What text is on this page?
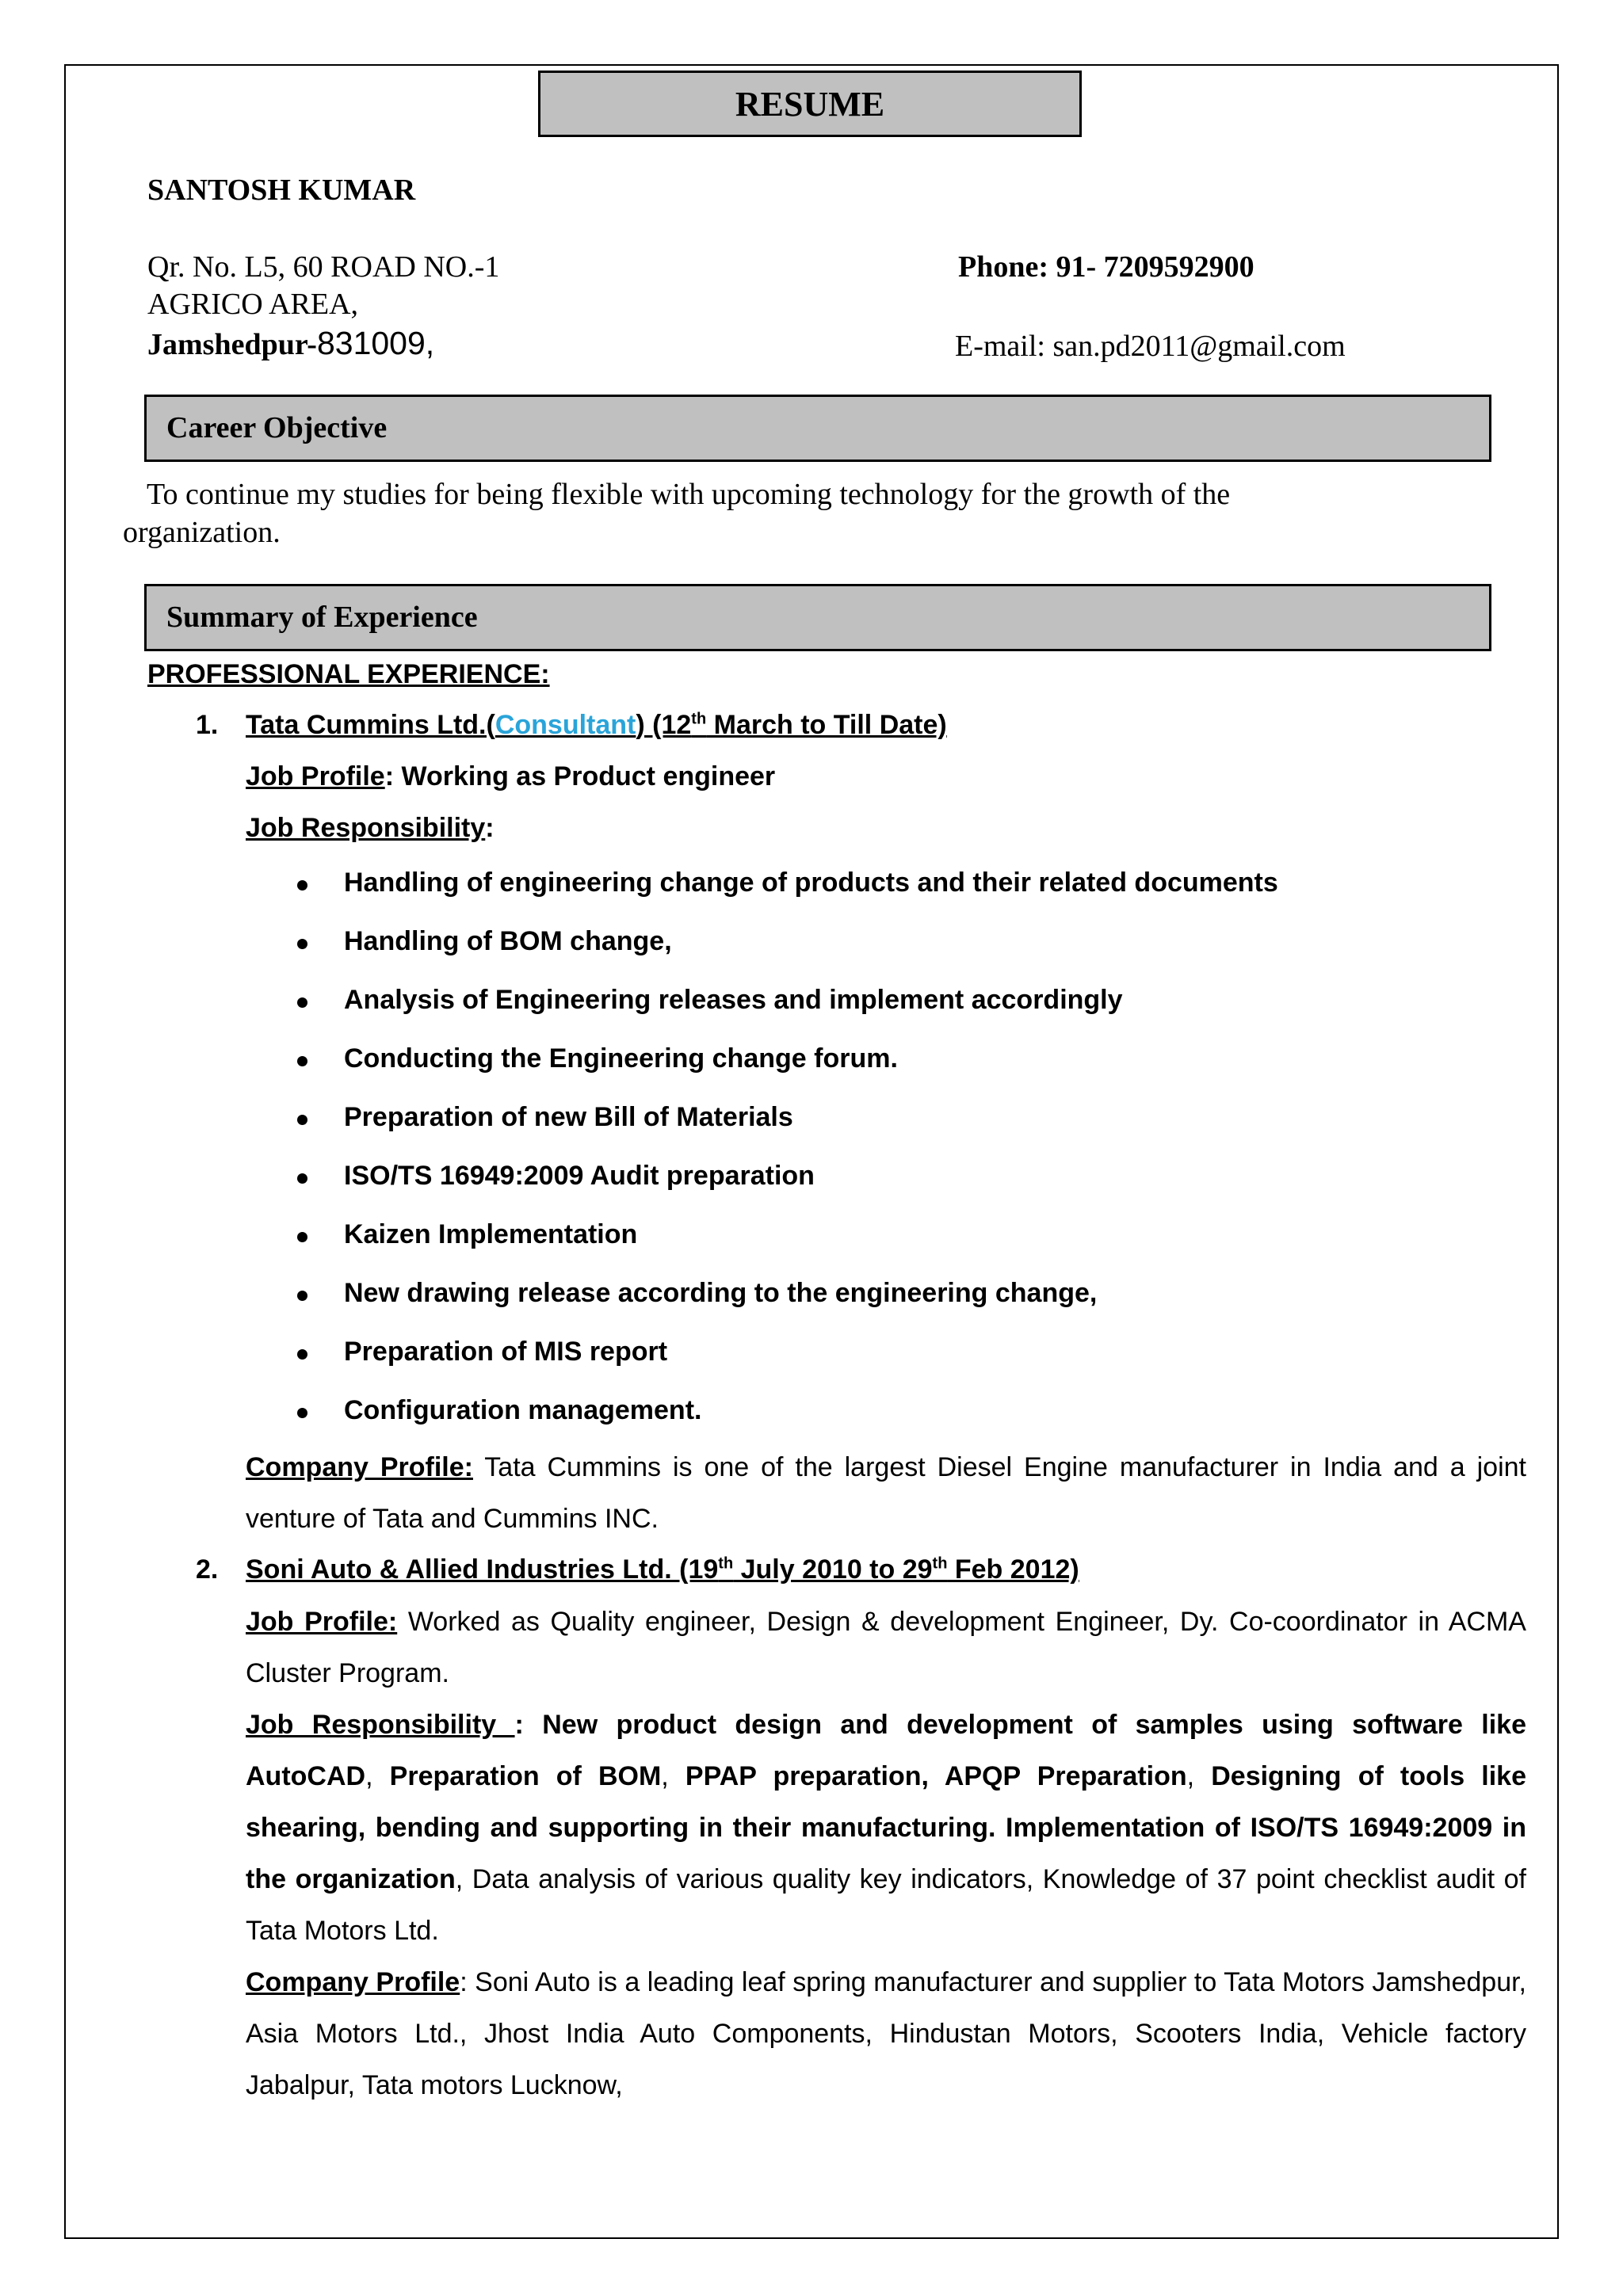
RESUME
SANTOSH KUMAR
Qr. No. L5, 60 ROAD NO.-1
AGRICO AREA,
Jamshedpur-831009,
Phone: 91- 7209592900
E-mail: san.pd2011@gmail.com
Career Objective
To continue my studies for being flexible with upcoming technology for the growth of the
organization.
Summary of Experience
PROFESSIONAL EXPERIENCE:
1. Tata Cummins Ltd.(Consultant) (12th March to Till Date)
Job Profile: Working as Product engineer
Job Responsibility:
Handling of engineering change of products and their related documents
Handling of BOM change,
Analysis of Engineering releases and implement accordingly
Conducting the Engineering change forum.
Preparation of new Bill of Materials
ISO/TS 16949:2009 Audit preparation
Kaizen Implementation
New drawing release according to the engineering change,
Preparation of MIS report
Configuration management.
Company Profile: Tata Cummins is one of the largest Diesel Engine manufacturer in India and a joint venture of Tata and Cummins INC.
2. Soni Auto & Allied Industries Ltd. (19th July 2010 to 29th Feb 2012)
Job Profile: Worked as Quality engineer, Design & development Engineer, Dy. Co-coordinator in ACMA Cluster Program.
Job Responsibility : New product design and development of samples using software like AutoCAD, Preparation of BOM, PPAP preparation, APQP Preparation, Designing of tools like shearing, bending and supporting in their manufacturing. Implementation of ISO/TS 16949:2009 in the organization, Data analysis of various quality key indicators, Knowledge of 37 point checklist audit of Tata Motors Ltd.
Company Profile: Soni Auto is a leading leaf spring manufacturer and supplier to Tata Motors Jamshedpur, Asia Motors Ltd., Jhost India Auto Components, Hindustan Motors, Scooters India, Vehicle factory Jabalpur, Tata motors Lucknow,
